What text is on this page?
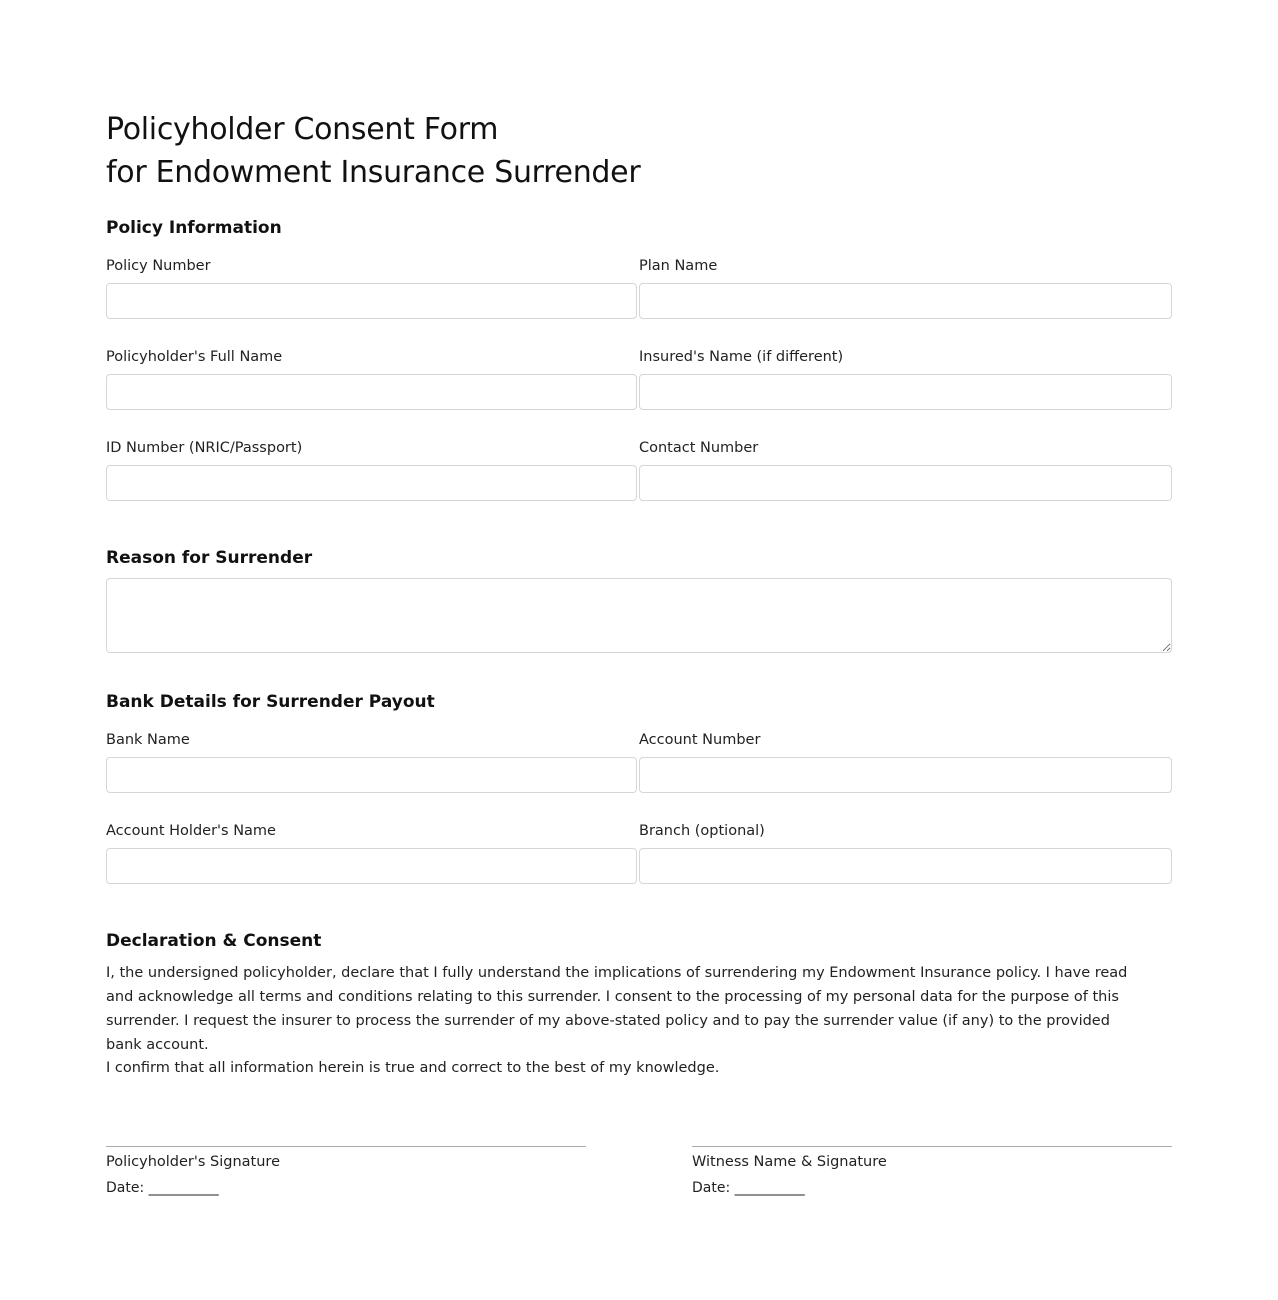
Policyholder Consent Form
for Endowment Insurance Surrender
Policy Information
Policy Number	Plan Name
Policyholder's Full Name	Insured's Name (if different)
ID Number (NRIC/Passport)	Contact Number
Reason for Surrender
Bank Details for Surrender Payout
Bank Name	Account Number
Account Holder's Name	Branch (optional)
Declaration & Consent

I, the undersigned policyholder, declare that I fully understand the implications of surrendering my Endowment Insurance policy. I have read and acknowledge all terms and conditions relating to this surrender. I consent to the processing of my personal data for the purpose of this surrender. I request the insurer to process the surrender of my above-stated policy and to pay the surrender value (if any) to the provided bank account.

I confirm that all information herein is true and correct to the best of my knowledge.

Policyholder's Signature
Date: __________
Witness Name & Signature
Date: __________
